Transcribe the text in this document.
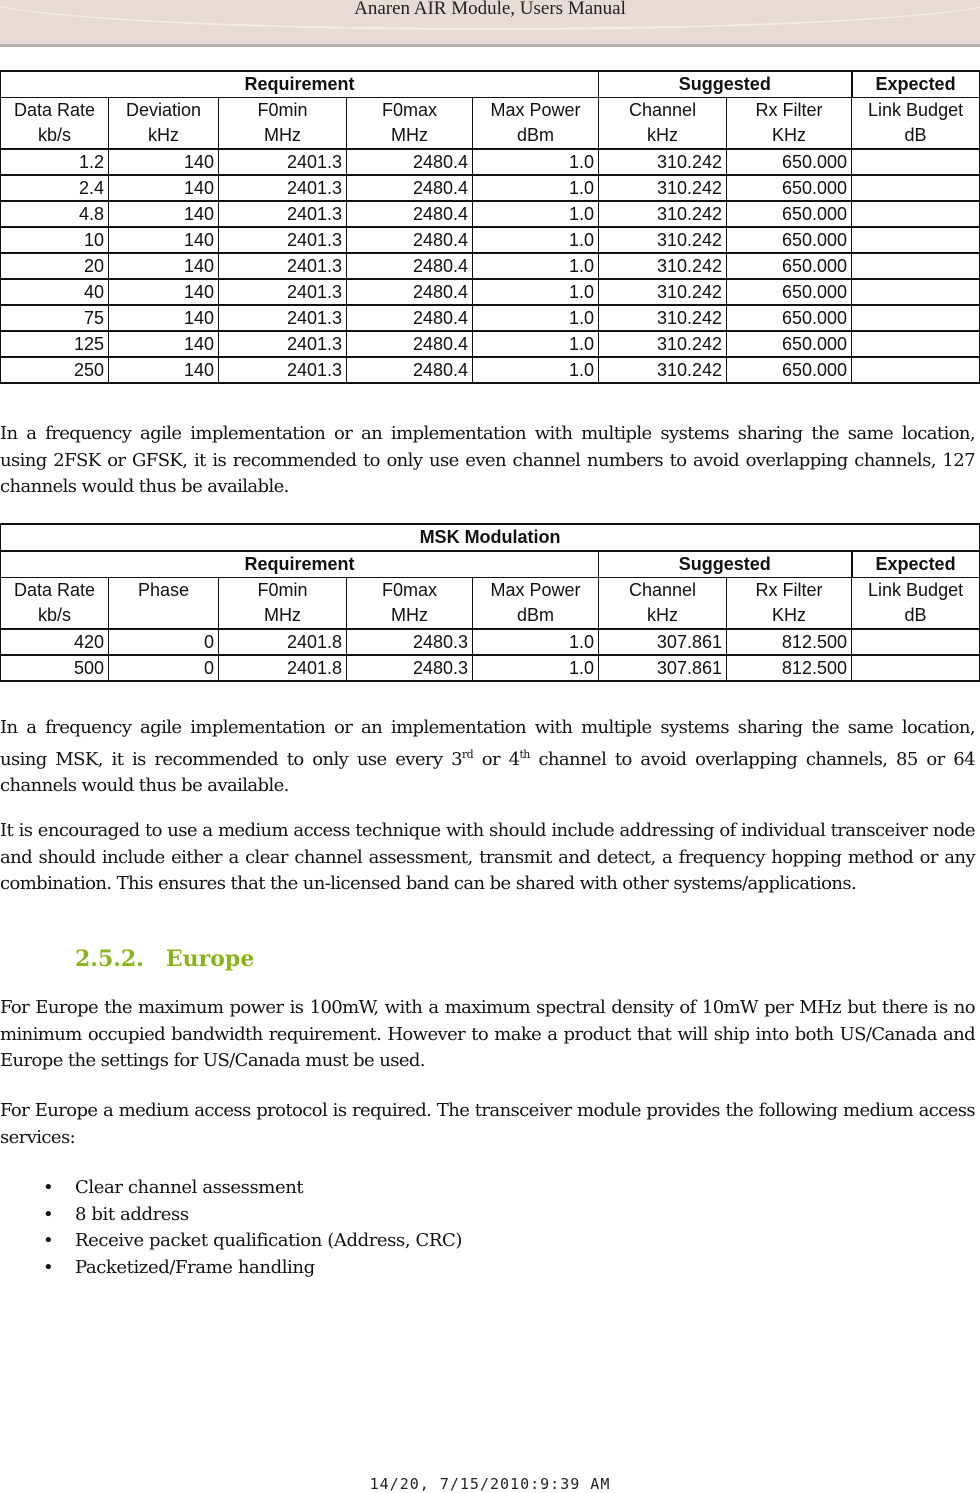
Anaren AIR Module, Users Manual
Requirement					Suggested		Expected
Data Rate	Deviation	F0min	F0max	Max Power	Channel	Rx Filter	Link Budget
kb/s	kHz	MHz	MHz	dBm	kHz	KHz	dB
1.2	140	2401.3	2480.4	1.0	310.242	650.000	
2.4	140	2401.3	2480.4	1.0	310.242	650.000	
4.8	140	2401.3	2480.4	1.0	310.242	650.000	
10	140	2401.3	2480.4	1.0	310.242	650.000	
20	140	2401.3	2480.4	1.0	310.242	650.000	
40	140	2401.3	2480.4	1.0	310.242	650.000	
75	140	2401.3	2480.4	1.0	310.242	650.000	
125	140	2401.3	2480.4	1.0	310.242	650.000	
250	140	2401.3	2480.4	1.0	310.242	650.000	

In a frequency agile implementation or an implementation with multiple systems sharing the same location, using 2FSK or GFSK, it is recommended to only use even channel numbers to avoid overlapping channels, 127 channels would thus be available.

MSK Modulation							
Requirement					Suggested		Expected
Data Rate	Phase	F0min	F0max	Max Power	Channel	Rx Filter	Link Budget
kb/s		MHz	MHz	dBm	kHz	KHz	dB
420	0	2401.8	2480.3	1.0	307.861	812.500	
500	0	2401.8	2480.3	1.0	307.861	812.500	

In a frequency agile implementation or an implementation with multiple systems sharing the same location, using MSK, it is recommended to only use every 3rd or 4th channel to avoid overlapping channels, 85 or 64 channels would thus be available.

It is encouraged to use a medium access technique with should include addressing of individual transceiver node and should include either a clear channel assessment, transmit and detect, a frequency hopping method or any combination. This ensures that the un-licensed band can be shared with other systems/applications.

2.5.2. Europe

For Europe the maximum power is 100mW, with a maximum spectral density of 10mW per MHz but there is no minimum occupied bandwidth requirement. However to make a product that will ship into both US/Canada and Europe the settings for US/Canada must be used.

For Europe a medium access protocol is required. The transceiver module provides the following medium access services:

• Clear channel assessment
• 8 bit address
• Receive packet qualification (Address, CRC)
• Packetized/Frame handling
14/20, 7/15/2010:9:39 AM
